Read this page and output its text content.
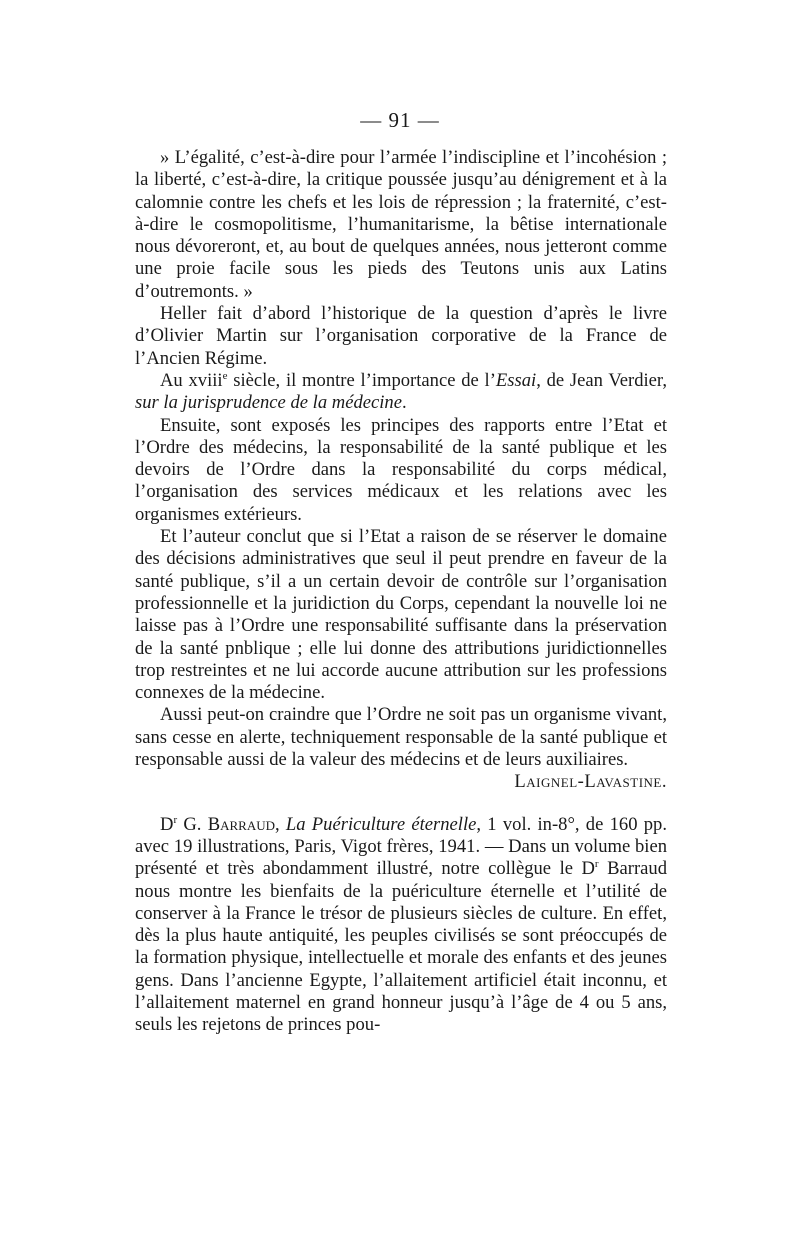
— 91 —

» L’égalité, c’est-à-dire pour l’armée l’indiscipline et l’incohésion ; la liberté, c’est-à-dire, la critique poussée jusqu’au dénigrement et à la calomnie contre les chefs et les lois de répression ; la fraternité, c’est-à-dire le cosmopolitisme, l’humanitarisme, la bêtise internationale nous dévoreront, et, au bout de quelques années, nous jetteront comme une proie facile sous les pieds des Teutons unis aux Latins d’outremonts. »

Heller fait d’abord l’historique de la question d’après le livre d’Olivier Martin sur l’organisation corporative de la France de l’Ancien Régime.

Au xviii$^e$ siècle, il montre l’importance de l’Essai, de Jean Verdier, sur la jurisprudence de la médecine.

Ensuite, sont exposés les principes des rapports entre l’Etat et l’Ordre des médecins, la responsabilité de la santé publique et les devoirs de l’Ordre dans la responsabilité du corps médical, l’organisation des services médicaux et les relations avec les organismes extérieurs.

Et l’auteur conclut que si l’Etat a raison de se réserver le domaine des décisions administratives que seul il peut prendre en faveur de la santé publique, s’il a un certain devoir de contrôle sur l’organisation professionnelle et la juridiction du Corps, cependant la nouvelle loi ne laisse pas à l’Ordre une responsabilité suffisante dans la préservation de la santé pnblique ; elle lui donne des attributions juridictionnelles trop restreintes et ne lui accorde aucune attribution sur les professions connexes de la médecine.

Aussi peut-on craindre que l’Ordre ne soit pas un organisme vivant, sans cesse en alerte, techniquement responsable de la santé publique et responsable aussi de la valeur des médecins et de leurs auxiliaires.

Laignel-Lavastine.

$D^r$ G. Barraud, La Puériculture éternelle, 1 vol. in-8°, de 160 pp. avec 19 illustrations, Paris, Vigot frères, 1941. — Dans un volume bien présenté et très abondamment illustré, notre collègue le $D^r$ Barraud nous montre les bienfaits de la puériculture éternelle et l’utilité de conserver à la France le trésor de plusieurs siècles de culture. En effet, dès la plus haute antiquité, les peuples civilisés se sont préoccupés de la formation physique, intellectuelle et morale des enfants et des jeunes gens. Dans l’ancienne Egypte, l’allaitement artificiel était inconnu, et l’allaitement maternel en grand honneur jusqu’à l’âge de 4 ou 5 ans, seuls les rejetons de princes pou-
